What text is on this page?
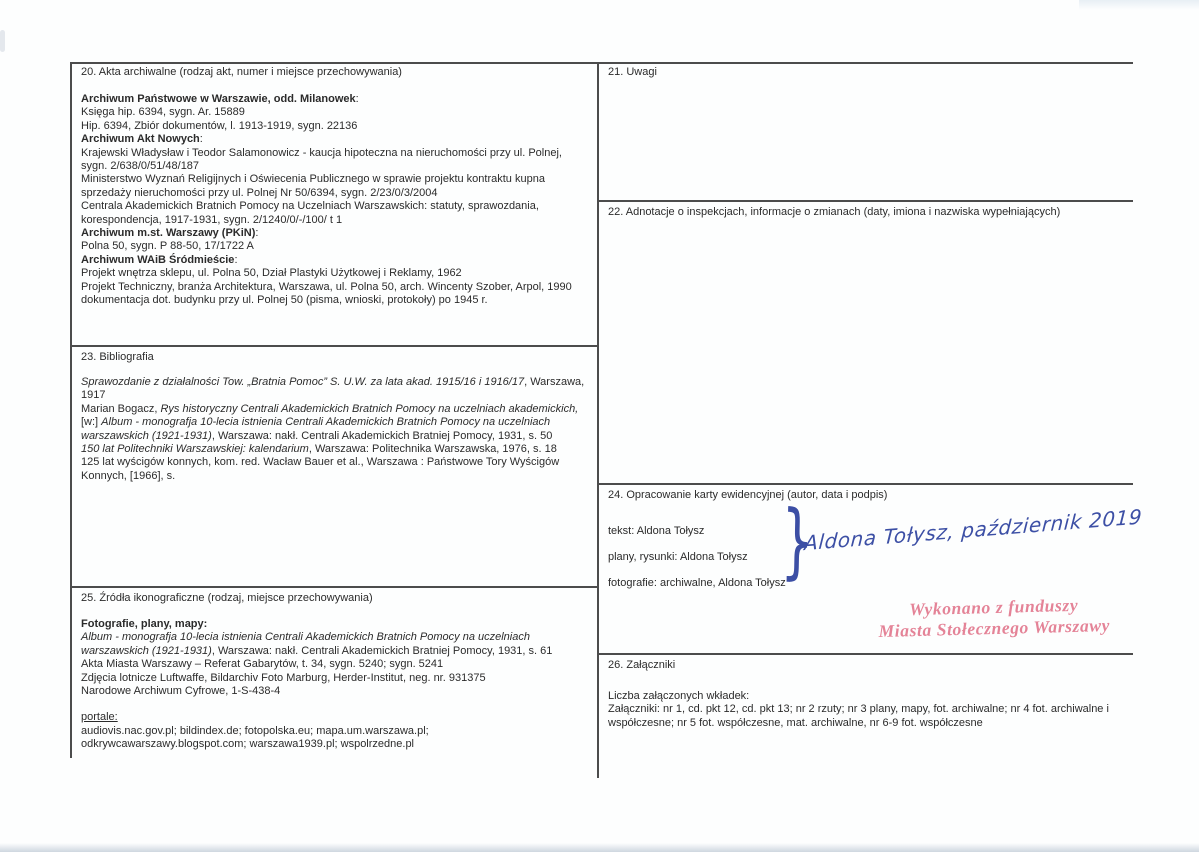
20. Akta archiwalne (rodzaj akt, numer i miejsce przechowywania)

Archiwum Państwowe w Warszawie, odd. Milanowek:

Księga hip. 6394, sygn. Ar. 15889

Hip. 6394, Zbiór dokumentów, l. 1913-1919, sygn. 22136

Archiwum Akt Nowych:

Krajewski Władysław i Teodor Salamonowicz - kaucja hipoteczna na nieruchomości przy ul. Polnej, sygn. 2/638/0/51/48/187

Ministerstwo Wyznań Religijnych i Oświecenia Publicznego w sprawie projektu kontraktu kupna sprzedaży nieruchomości przy ul. Polnej Nr 50/6394, sygn. 2/23/0/3/2004

Centrala Akademickich Bratnich Pomocy na Uczelniach Warszawskich: statuty, sprawozdania, korespondencja, 1917-1931, sygn. 2/1240/0/-/100/ t 1

Archiwum m.st. Warszawy (PKiN):

Polna 50, sygn. P 88-50, 17/1722 A

Archiwum WAiB Śródmieście:

Projekt wnętrza sklepu, ul. Polna 50, Dział Plastyki Użytkowej i Reklamy, 1962

Projekt Techniczny, branża Architektura, Warszawa, ul. Polna 50, arch. Wincenty Szober, Arpol, 1990

dokumentacja dot. budynku przy ul. Polnej 50 (pisma, wnioski, protokoły) po 1945 r.

23. Bibliografia

Sprawozdanie z działalności Tow. „Bratnia Pomoc” S. U.W. za lata akad. 1915/16 i 1916/17, Warszawa, 1917

Marian Bogacz, Rys historyczny Centrali Akademickich Bratnich Pomocy na uczelniach akademickich, [w:] Album - monografja 10-lecia istnienia Centrali Akademickich Bratnich Pomocy na uczelniach warszawskich (1921-1931), Warszawa: nakł. Centrali Akademickich Bratniej Pomocy, 1931, s. 50

150 lat Politechniki Warszawskiej: kalendarium, Warszawa: Politechnika Warszawska, 1976, s. 18

125 lat wyścigów konnych, kom. red. Wacław Bauer et al., Warszawa : Państwowe Tory Wyścigów Konnych, [1966], s.

25. Źródła ikonograficzne (rodzaj, miejsce przechowywania)

Fotografie, plany, mapy:

Album - monografja 10-lecia istnienia Centrali Akademickich Bratnich Pomocy na uczelniach warszawskich (1921-1931), Warszawa: nakł. Centrali Akademickich Bratniej Pomocy, 1931, s. 61

Akta Miasta Warszawy – Referat Gabarytów, t. 34, sygn. 5240; sygn. 5241

Zdjęcia lotnicze Luftwaffe, Bildarchiv Foto Marburg, Herder-Institut, neg. nr. 931375

Narodowe Archiwum Cyfrowe, 1-S-438-4

portale:

audiovis.nac.gov.pl; bildindex.de; fotopolska.eu; mapa.um.warszawa.pl;

odkrywcawarszawy.blogspot.com; warszawa1939.pl; wspolrzedne.pl

21. Uwagi
22. Adnotacje o inspekcjach, informacje o zmianach (daty, imiona i nazwiska wypełniających)
24. Opracowanie karty ewidencyjnej (autor, data i podpis)

tekst: Aldona Tołysz

plany, rysunki: Aldona Tołysz

fotografie: archiwalne, Aldona Tołysz

}
Aldona Tołysz, październik 2019
Wykonano z funduszy
Miasta Stołecznego Warszawy
26. Załączniki

Liczba załączonych wkładek:

Załączniki: nr 1, cd. pkt 12, cd. pkt 13; nr 2 rzuty; nr 3 plany, mapy, fot. archiwalne; nr 4 fot. archiwalne i współczesne; nr 5 fot. współczesne, mat. archiwalne, nr 6-9 fot. współczesne
